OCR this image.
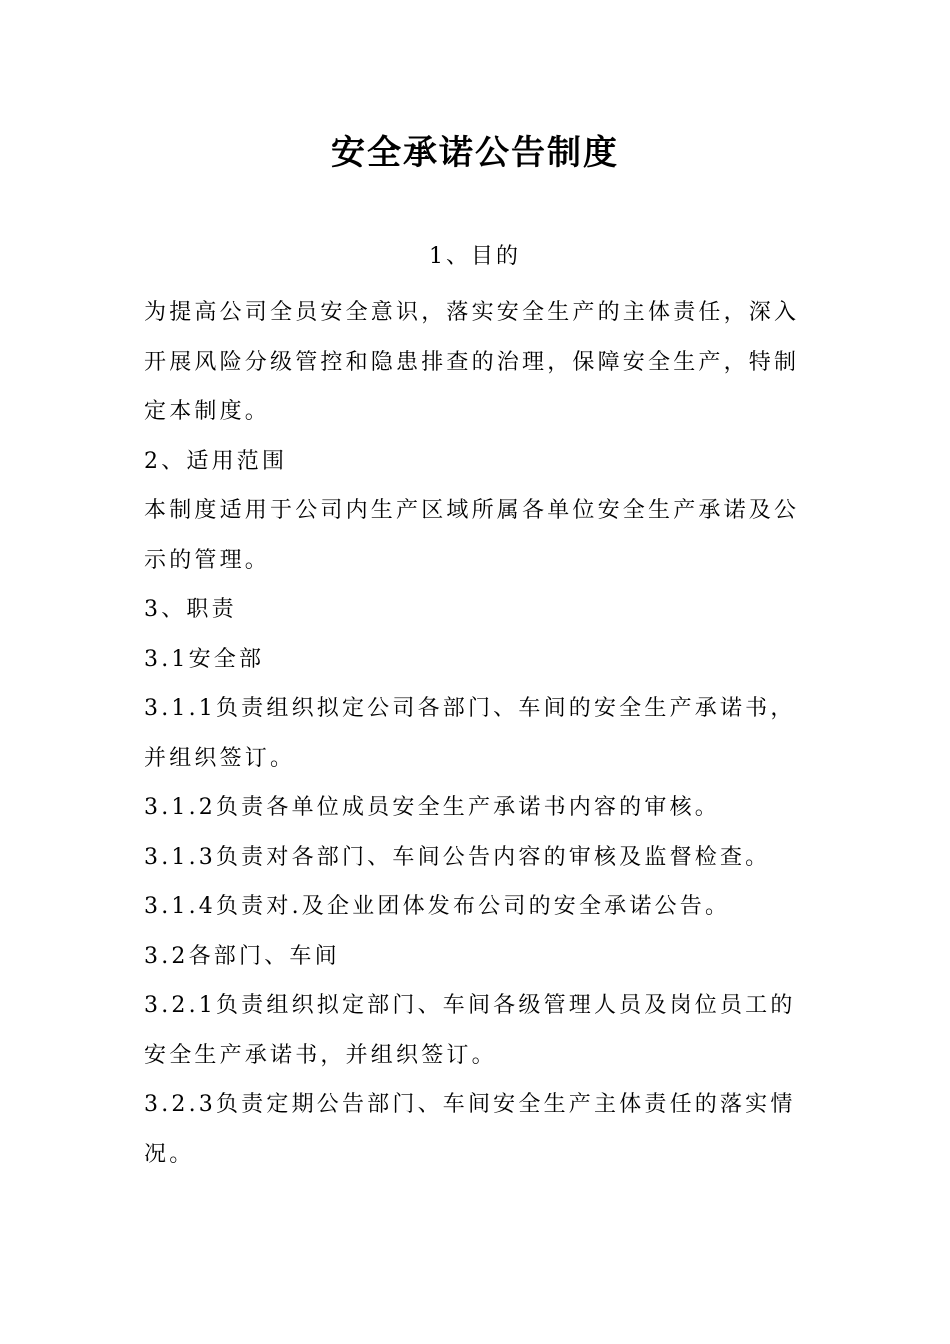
安全承诺公告制度
1、目的

为提高公司全员安全意识，落实安全生产的主体责任，深入开展风险分级管控和隐患排查的治理，保障安全生产，特制定本制度。

2、适用范围

本制度适用于公司内生产区域所属各单位安全生产承诺及公示的管理。

3、职责

3.1安全部

3.1.1负责组织拟定公司各部门、车间的安全生产承诺书，并组织签订。

3.1.2负责各单位成员安全生产承诺书内容的审核。

3.1.3负责对各部门、车间公告内容的审核及监督检查。

3.1.4负责对.及企业团体发布公司的安全承诺公告。

3.2各部门、车间

3.2.1负责组织拟定部门、车间各级管理人员及岗位员工的安全生产承诺书，并组织签订。

3.2.3负责定期公告部门、车间安全生产主体责任的落实情况。
